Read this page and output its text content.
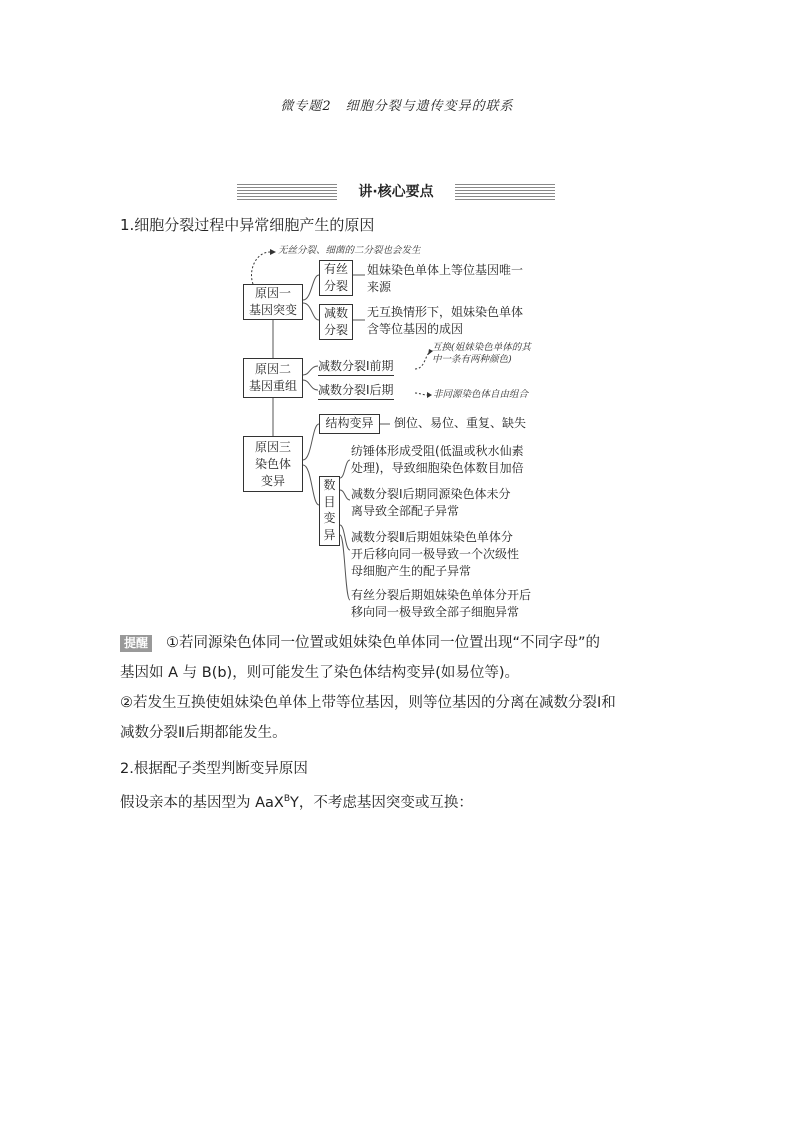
微专题2　细胞分裂与遗传变异的联系
讲·核心要点
1.细胞分裂过程中异常细胞产生的原因
无丝分裂、细菌的二分裂也会发生
原因一
基因突变
有丝
分裂
姐妹染色单体上等位基因唯一
来源
减数
分裂
无互换情形下，姐妹染色单体
含等位基因的成因
原因二
基因重组
减数分裂Ⅰ前期
减数分裂Ⅰ后期
互换(姐妹染色单体的其
中一条有两种颜色)
非同源染色体自由组合
原因三
染色体
变异
结构变异	倒位、易位、重复、缺失
数
目
变
异
纺锤体形成受阻(低温或秋水仙素
处理)，导致细胞染色体数目加倍
减数分裂Ⅰ后期同源染色体未分
离导致全部配子异常
减数分裂Ⅱ后期姐妹染色单体分
开后移向同一极导致一个次级性
母细胞产生的配子异常
有丝分裂后期姐妹染色单体分开后
移向同一极导致全部子细胞异常
提醒 ①若同源染色体同一位置或姐妹染色单体同一位置出现“不同字母”的
基因如 A 与 B(b)，则可能发生了染色体结构变异(如易位等)。
②若发生互换使姐妹染色单体上带等位基因，则等位基因的分离在减数分裂Ⅰ和
减数分裂Ⅱ后期都能发生。
2.根据配子类型判断变异原因
假设亲本的基因型为 AaX$^B$Y，不考虑基因突变或互换：
